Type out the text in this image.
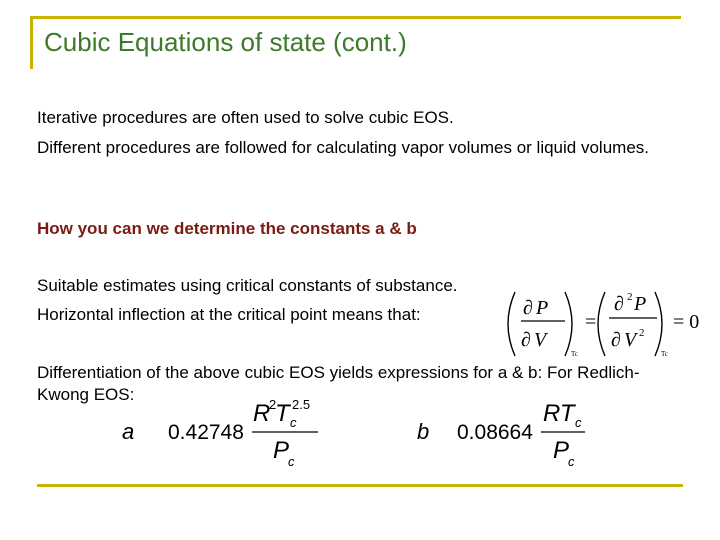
Cubic Equations of state (cont.)
Iterative procedures are often used to solve cubic EOS.
Different procedures are followed for calculating vapor volumes or liquid volumes.
How you can we determine the constants a & b
Suitable estimates using critical constants of substance.
Horizontal inflection at the critical point means that:
Differentiation of the above cubic EOS yields expressions for a & b: For Redlich-Kwong EOS:
∂ P
∂ V
Tc
=
∂ 2 P
∂ V 2
Tc
= 0
a 0.42748
R
2
T c
2.5
P
c
b 0.08664
RT c
P
c
